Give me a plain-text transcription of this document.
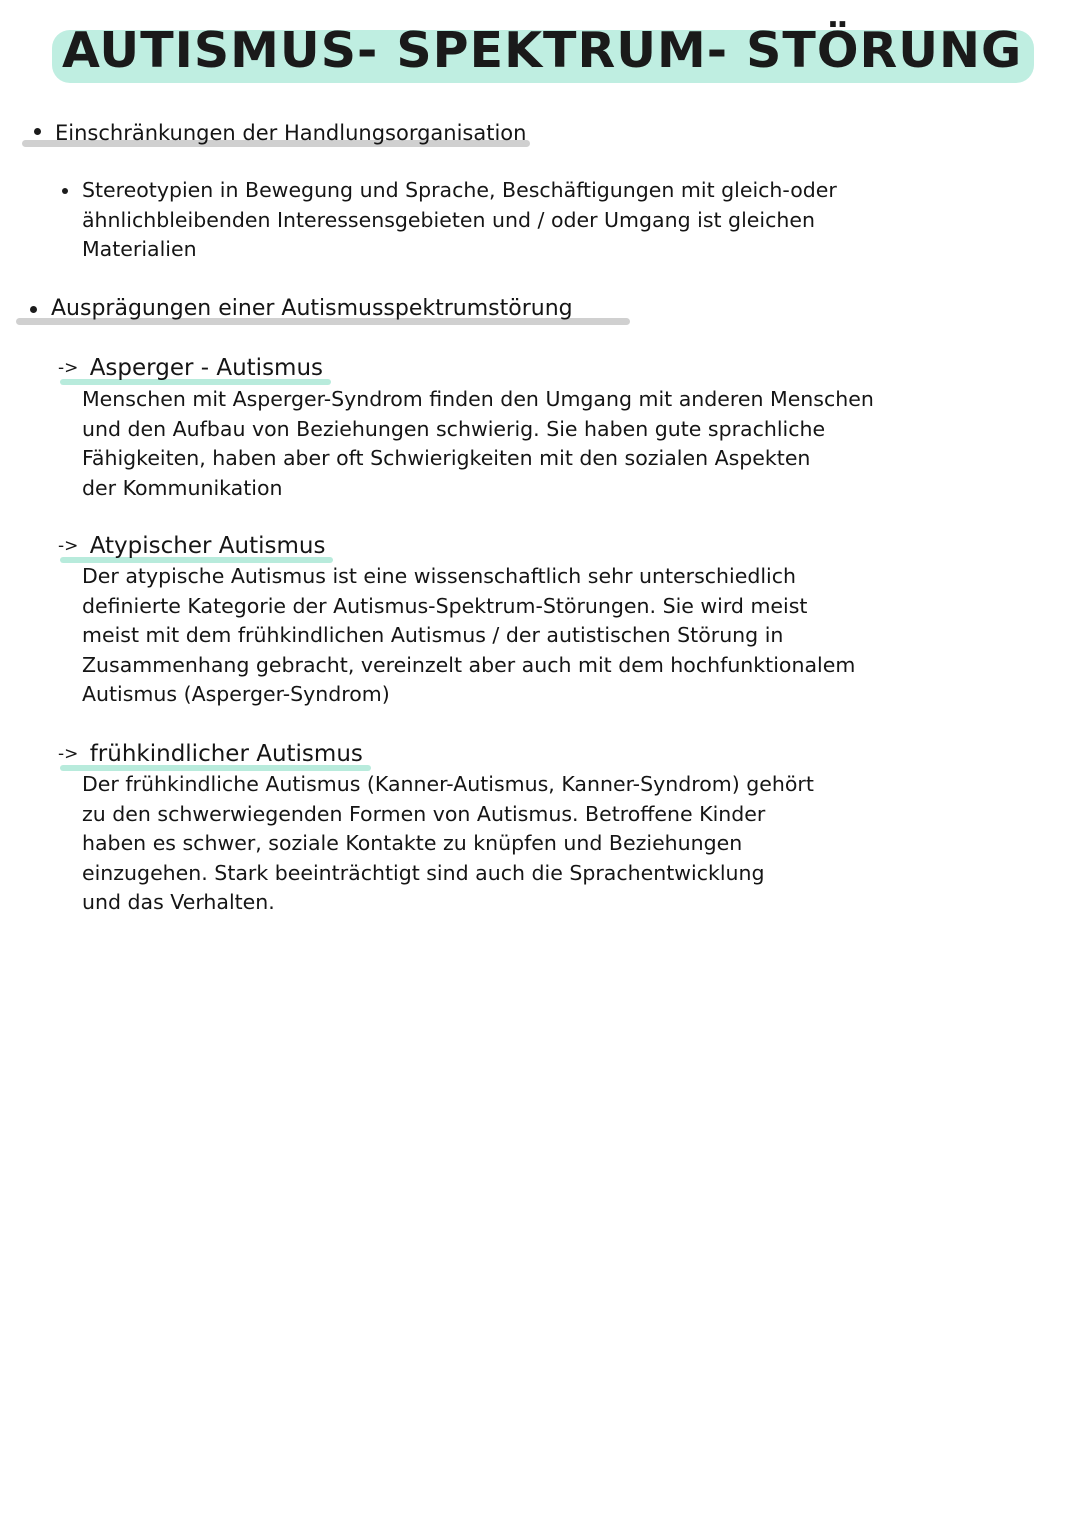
AUTISMUS- SPEKTRUM- STÖRUNG
Einschränkungen der Handlungsorganisation
Stereotypien in Bewegung und Sprache, Beschäftigungen mit gleich-oder
ähnlichbleibenden Interessensgebieten und / oder Umgang ist gleichen
Materialien
Ausprägungen einer Autismusspektrumstörung
-> Asperger - Autismus
Menschen mit Asperger-Syndrom finden den Umgang mit anderen Menschen
und den Aufbau von Beziehungen schwierig. Sie haben gute sprachliche
Fähigkeiten, haben aber oft Schwierigkeiten mit den sozialen Aspekten
der Kommunikation
-> Atypischer Autismus
Der atypische Autismus ist eine wissenschaftlich sehr unterschiedlich
definierte Kategorie der Autismus-Spektrum-Störungen. Sie wird meist
meist mit dem frühkindlichen Autismus / der autistischen Störung in
Zusammenhang gebracht, vereinzelt aber auch mit dem hochfunktionalem
Autismus (Asperger-Syndrom)
-> frühkindlicher Autismus
Der frühkindliche Autismus (Kanner-Autismus, Kanner-Syndrom) gehört
zu den schwerwiegenden Formen von Autismus. Betroffene Kinder
haben es schwer, soziale Kontakte zu knüpfen und Beziehungen
einzugehen. Stark beeinträchtigt sind auch die Sprachentwicklung
und das Verhalten.
